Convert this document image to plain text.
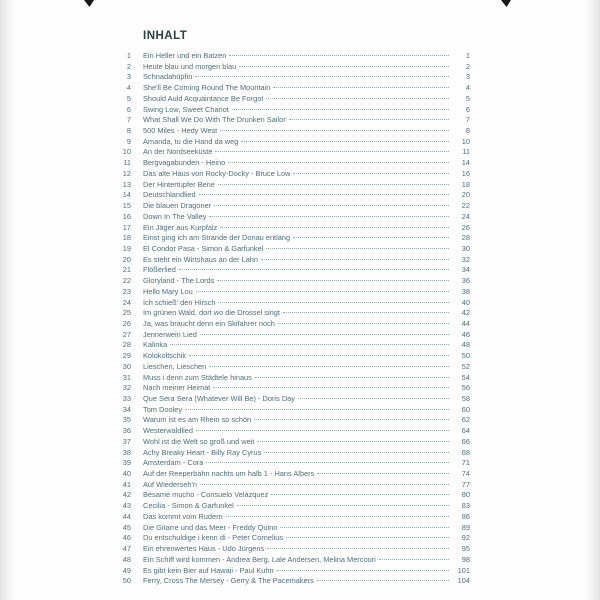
INHALT
1 Ein Heller und ein Batzen	1
2 Heute blau und morgen blau	2
3 Schnadahüpfin	3
4 She'll Be Coming Round The Mountain	4
5 Should Auld Acquaintance Be Forgot	5
6 Swing Low, Sweet Chariot	6
7 What Shall We Do With The Drunken Sailor	7
8 500 Miles - Hedy West	8
9 Amanda, tu die Hand da weg	10
10 An der Nordseeküste	11
11 Bergvagabunden - Heino	14
12 Das alte Haus von Rocky-Docky - Bruce Low	16
13 Der Hintertupfer Bene	18
14 Deutschlandlied	20
15 Die blauen Dragoner	22
16 Down In The Valley	24
17 Ein Jäger aus Kurpfalz	26
18 Einst ging ich am Strande der Donau entlang	28
19 El Condor Pasa - Simon & Garfunkel	30
20 Es steht ein Wirtshaus an der Lahn	32
21 Flößerlied	34
22 Gloryland - The Lords	36
23 Hello Mary Lou	38
24 Ich schieß' den Hirsch	40
25 Im grünen Wald, dort wo die Drossel singt	42
26 Ja, was braucht denn ein Skifahrer noch	44
27 Jennerwein Lied	46
28 Kalinka	48
29 Kolokoltschik	50
30 Lieschen, Lieschen	52
31 Muss i denn zum Städtele hinaus	54
32 Nach meiner Heimat	56
33 Que Sera Sera (Whatever Will Be) - Doris Day	58
34 Tom Dooley	60
35 Warum ist es am Rhein so schön	62
36 Westerwaldlied	64
37 Wohl ist die Welt so groß und weit	66
38 Achy Breaky Heart - Billy Ray Cyrus	68
39 Amsterdam - Cora	71
40 Auf der Reeperbahn nachts um halb 1 - Hans Albers	74
41 Auf Wiederseh'n	77
42 Bésame mucho - Consuelo Velázquez	80
43 Cecilia - Simon & Garfunkel	83
44 Das kommt vom Rudern	86
45 Die Gitarre und das Meer - Freddy Quinn	89
46 Du entschuldige i kenn di - Peter Cornelius	92
47 Ein ehrenwertes Haus - Udo Jürgens	95
48 Ein Schiff wird kommen - Andrea Berg, Lale Andersen, Melina Mercouri	98
49 Es gibt kein Bier auf Hawaii - Paul Kuhn	101
50 Ferry, Cross The Mersey - Gerry & The Pacemakers	104
